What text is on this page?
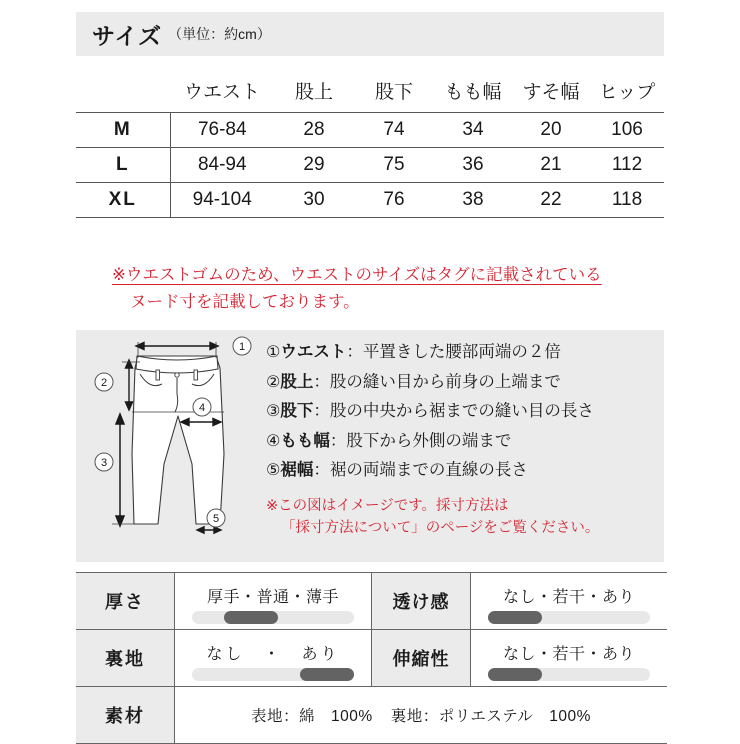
サイズ （単位：約cm）
	ウエスト	股上	股下	もも幅	すそ幅	ヒップ
M	76-84	28	74	34	20	106
L	84-94	29	75	36	21	112
XL	94-104	30	76	38	22	118
※ウエストゴムのため、ウエストのサイズはタグに記載されている
ヌード寸を記載しております。
1
2
3
4
5
①ウエスト：平置きした腰部両端の２倍
②股上：股の縫い目から前身の上端まで
③股下：股の中央から裾までの縫い目の長さ
④もも幅：股下から外側の端まで
⑤裾幅：裾の両端までの直線の長さ
※この図はイメージです。採寸方法は
「採寸方法について」のページをご覧ください。
厚さ	厚手・普通・薄手	透け感	なし・若干・あり

裏地	なし　・　あり	伸縮性	なし・若干・あり

素材	表地：綿　100% 裏地：ポリエステル　100%		
